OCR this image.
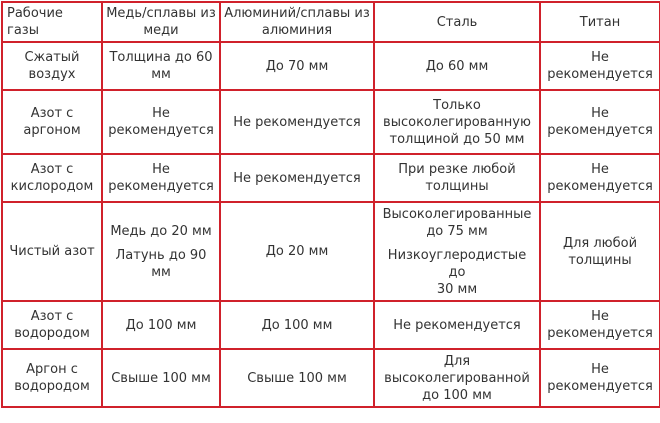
Рабочие газы	Медь/сплавы из
меди	Алюминий/сплавы из
алюминия	Сталь	Титан

Сжатый
воздух	Толщина до 60
мм	До 70 мм	До 60 мм	Не
рекомендуется

Азот с
аргоном	Не
рекомендуется	Не рекомендуется	Только
высоколегированную
толщиной до 50 мм	Не
рекомендуется

Азот с
кислородом	Не
рекомендуется	Не рекомендуется	При резке любой
толщины	Не
рекомендуется

Чистый азот	Медь до 20 мм
Латунь до 90 мм	До 20 мм	Высоколегированные
до 75 мм
Низкоуглеродистые до
30 мм	Для любой
толщины

Азот с
водородом	До 100 мм	До 100 мм	Не рекомендуется	Не
рекомендуется

Аргон с
водородом	Свыше 100 мм	Свыше 100 мм	Для
высоколегированной
до 100 мм	Не
рекомендуется
